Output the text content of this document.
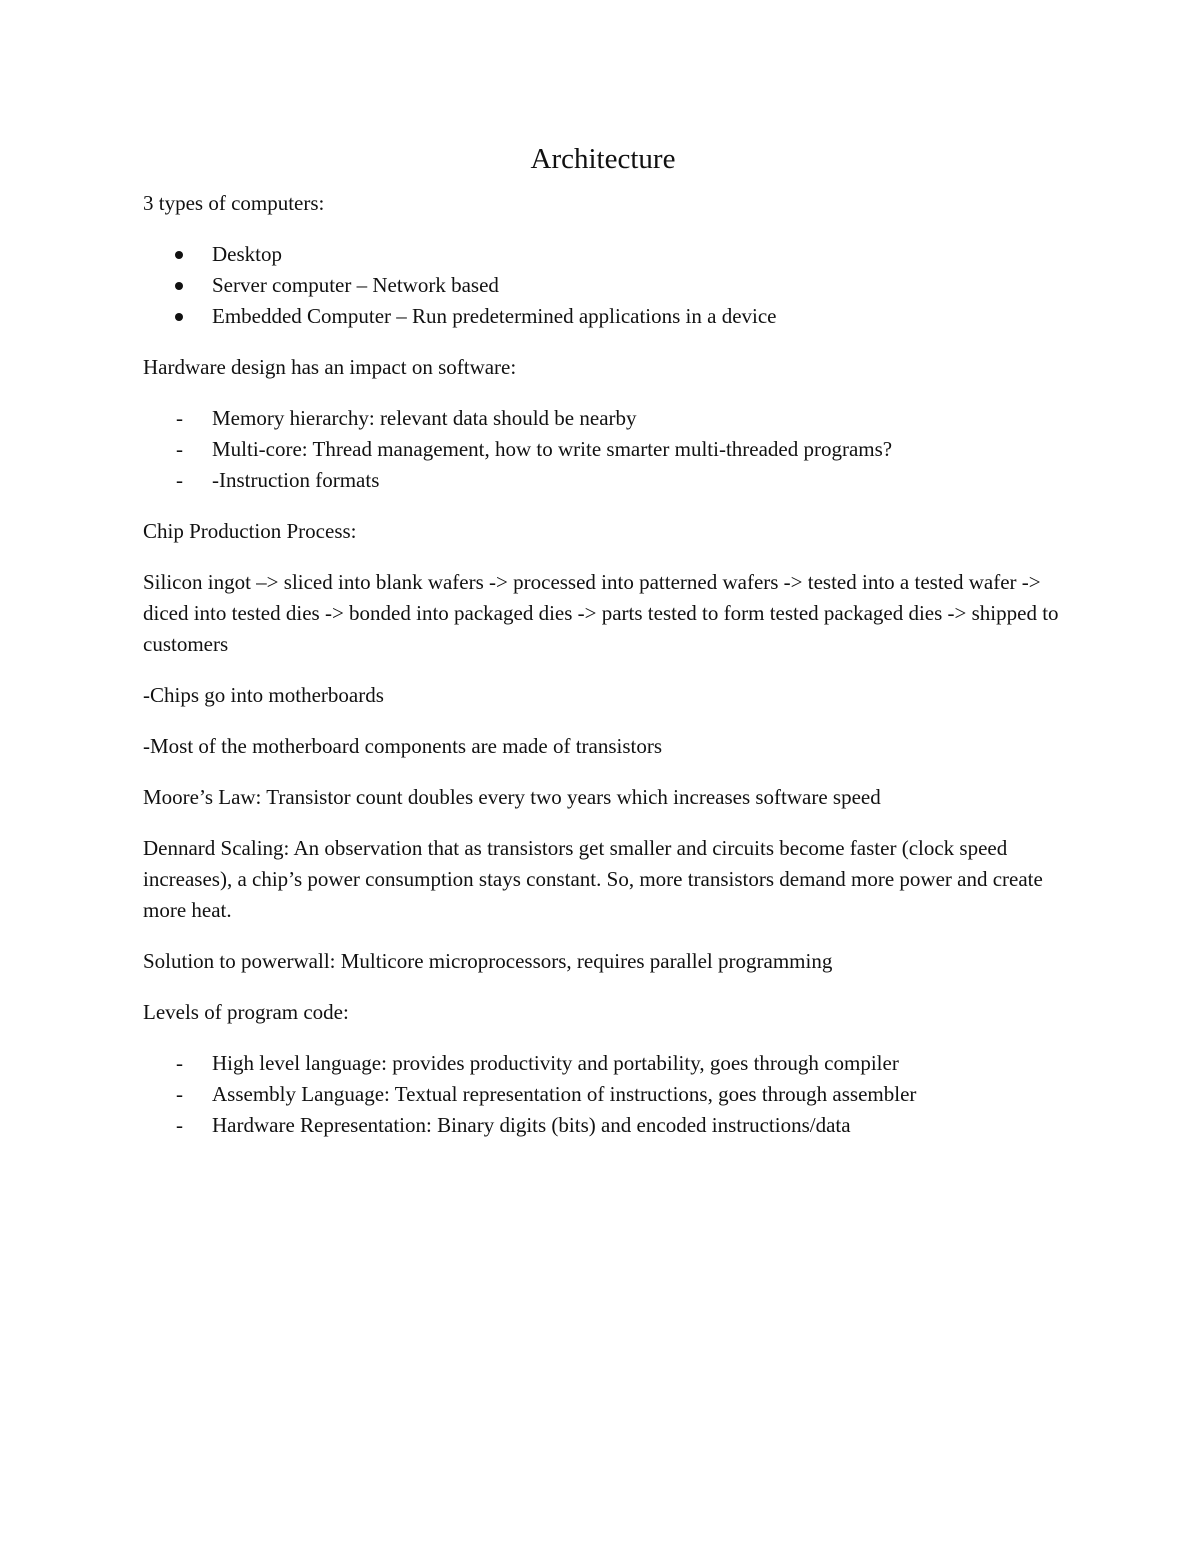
Architecture

3 types of computers:

Desktop
Server computer – Network based
Embedded Computer – Run predetermined applications in a device

Hardware design has an impact on software:

- Memory hierarchy: relevant data should be nearby
- Multi-core: Thread management, how to write smarter multi-threaded programs?
- -Instruction formats

Chip Production Process:

Silicon ingot –> sliced into blank wafers -> processed into patterned wafers -> tested into a tested wafer -> diced into tested dies -> bonded into packaged dies -> parts tested to form tested packaged dies -> shipped to customers

-Chips go into motherboards

-Most of the motherboard components are made of transistors

Moore’s Law: Transistor count doubles every two years which increases software speed

Dennard Scaling: An observation that as transistors get smaller and circuits become faster (clock speed increases), a chip’s power consumption stays constant. So, more transistors demand more power and create more heat.

Solution to powerwall: Multicore microprocessors, requires parallel programming

Levels of program code:

- High level language: provides productivity and portability, goes through compiler
- Assembly Language: Textual representation of instructions, goes through assembler
- Hardware Representation: Binary digits (bits) and encoded instructions/data
